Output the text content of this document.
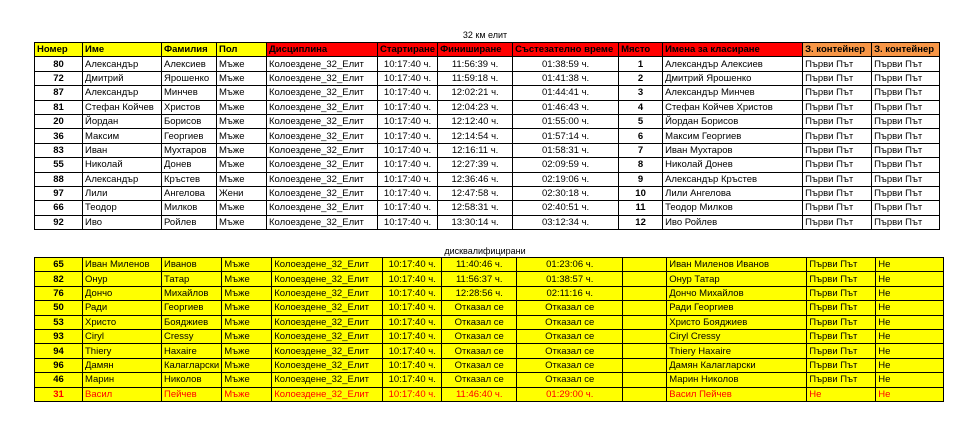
32 км елит
Номер	Име	Фамилия	Пол	Дисциплина	Стартиране	Финиширане	Състезателно време	Място	Имена за класиране	З. контейнер	З. контейнер
80	Александър	Алексиев	Мъже	Колоездене_32_Елит	10:17:40 ч.	11:56:39 ч.	01:38:59 ч.	1	Александър Алексиев	Първи Път	Първи Път
72	Дмитрий	Ярошенко	Мъже	Колоездене_32_Елит	10:17:40 ч.	11:59:18 ч.	01:41:38 ч.	2	Дмитрий Ярошенко	Първи Път	Първи Път
87	Александър	Минчев	Мъже	Колоездене_32_Елит	10:17:40 ч.	12:02:21 ч.	01:44:41 ч.	3	Александър Минчев	Първи Път	Първи Път
81	Стефан Койчев	Христов	Мъже	Колоездене_32_Елит	10:17:40 ч.	12:04:23 ч.	01:46:43 ч.	4	Стефан Койчев Христов	Първи Път	Първи Път
20	Йордан	Борисов	Мъже	Колоездене_32_Елит	10:17:40 ч.	12:12:40 ч.	01:55:00 ч.	5	Йордан Борисов	Първи Път	Първи Път
36	Максим	Георгиев	Мъже	Колоездене_32_Елит	10:17:40 ч.	12:14:54 ч.	01:57:14 ч.	6	Максим Георгиев	Първи Път	Първи Път
83	Иван	Мухтаров	Мъже	Колоездене_32_Елит	10:17:40 ч.	12:16:11 ч.	01:58:31 ч.	7	Иван Мухтаров	Първи Път	Първи Път
55	Николай	Донев	Мъже	Колоездене_32_Елит	10:17:40 ч.	12:27:39 ч.	02:09:59 ч.	8	Николай Донев	Първи Път	Първи Път
88	Александър	Кръстев	Мъже	Колоездене_32_Елит	10:17:40 ч.	12:36:46 ч.	02:19:06 ч.	9	Александър Кръстев	Първи Път	Първи Път
97	Лили	Ангелова	Жени	Колоездене_32_Елит	10:17:40 ч.	12:47:58 ч.	02:30:18 ч.	10	Лили Ангелова	Първи Път	Първи Път
66	Теодор	Милков	Мъже	Колоездене_32_Елит	10:17:40 ч.	12:58:31 ч.	02:40:51 ч.	11	Теодор Милков	Първи Път	Първи Път
92	Иво	Ройлев	Мъже	Колоездене_32_Елит	10:17:40 ч.	13:30:14 ч.	03:12:34 ч.	12	Иво Ройлев	Първи Път	Първи Път
дисквалифицирани
65	Иван Миленов	Иванов	Мъже	Колоездене_32_Елит	10:17:40 ч.	11:40:46 ч.	01:23:06 ч.		Иван Миленов Иванов	Първи Път	Не
82	Онур	Татар	Мъже	Колоездене_32_Елит	10:17:40 ч.	11:56:37 ч.	01:38:57 ч.		Онур Татар	Първи Път	Не
76	Дончо	Михайлов	Мъже	Колоездене_32_Елит	10:17:40 ч.	12:28:56 ч.	02:11:16 ч.		Дончо Михайлов	Първи Път	Не
50	Ради	Георгиев	Мъже	Колоездене_32_Елит	10:17:40 ч.	Отказал се	Отказал се		Ради Георгиев	Първи Път	Не
53	Христо	Бояджиев	Мъже	Колоездене_32_Елит	10:17:40 ч.	Отказал се	Отказал се		Христо Бояджиев	Първи Път	Не
93	Ciryl	Cressy	Мъже	Колоездене_32_Елит	10:17:40 ч.	Отказал се	Отказал се		Ciryl Cressy	Първи Път	Не
94	Thiery	Haxaire	Мъже	Колоездене_32_Елит	10:17:40 ч.	Отказал се	Отказал се		Thiery Haxaire	Първи Път	Не
96	Дамян	Калагларски	Мъже	Колоездене_32_Елит	10:17:40 ч.	Отказал се	Отказал се		Дамян Калагларски	Първи Път	Не
46	Марин	Николов	Мъже	Колоездене_32_Елит	10:17:40 ч.	Отказал се	Отказал се		Марин Николов	Първи Път	Не
31	Васил	Пейчев	Мъже	Колоездене_32_Елит	10:17:40 ч.	11:46:40 ч.	01:29:00 ч.		Васил Пейчев	Не	Не
